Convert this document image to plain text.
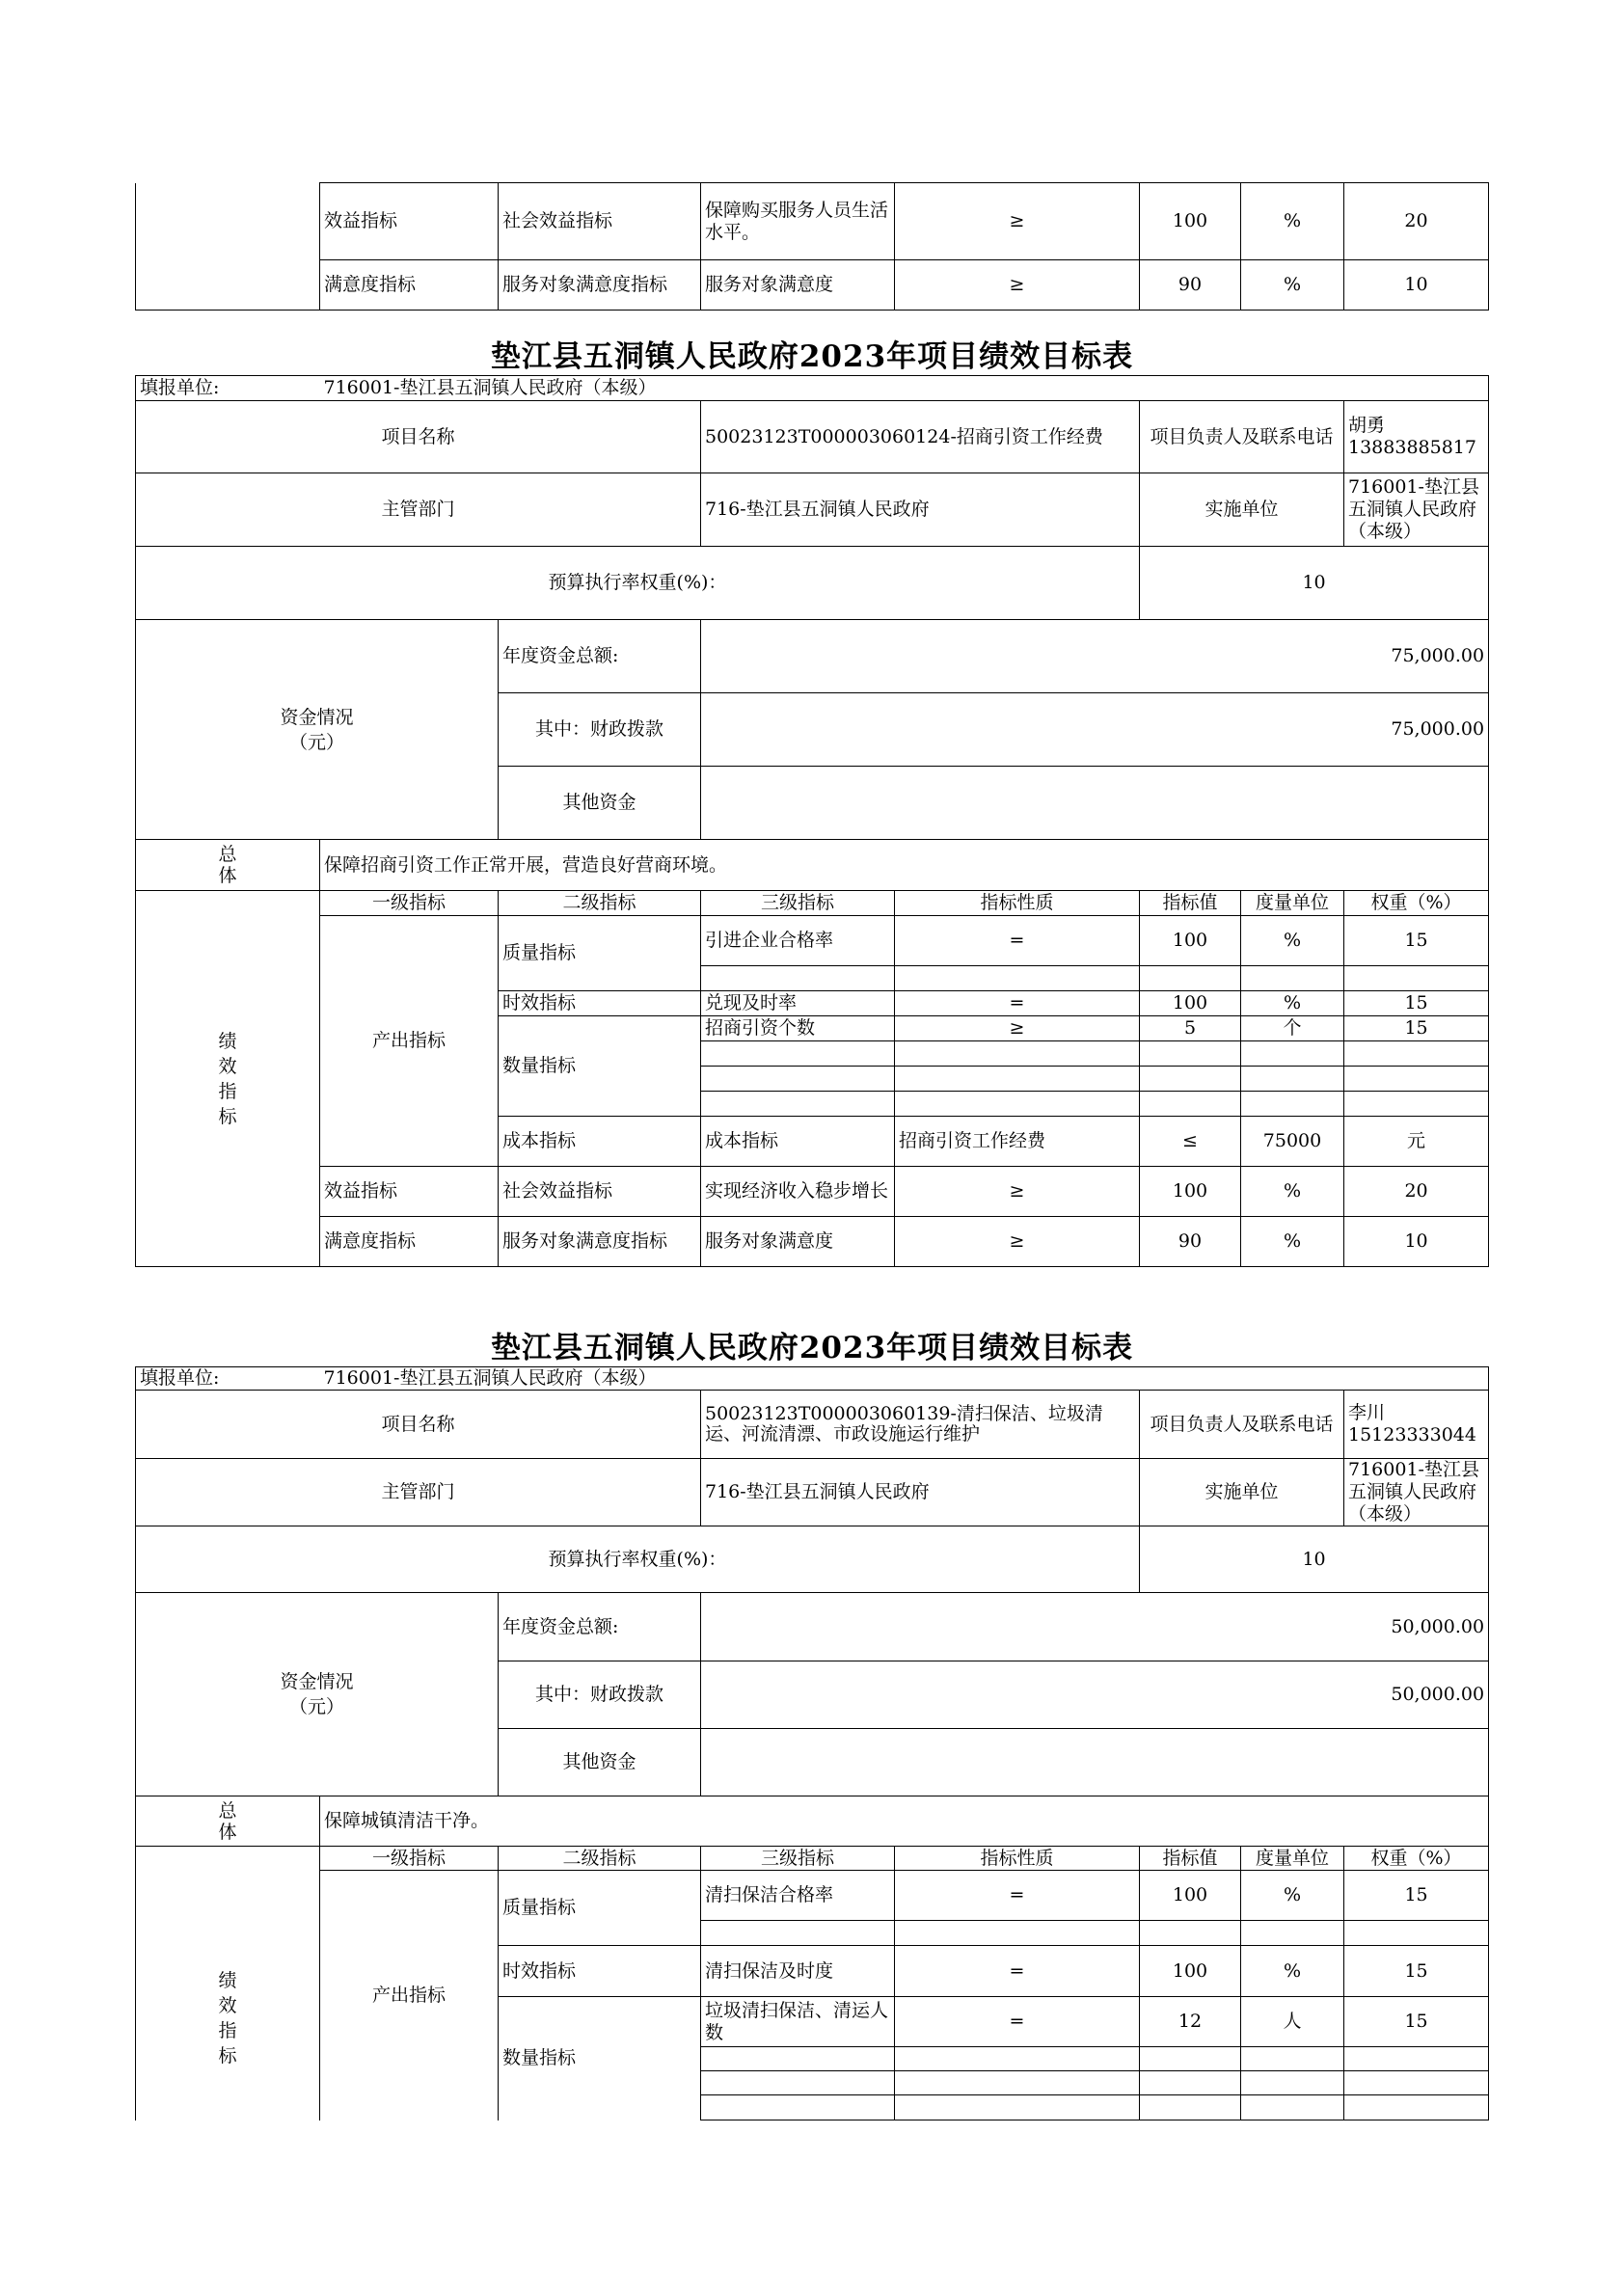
	效益指标	社会效益指标	保障购买服务人员生活水平。	≥	100	%	20
	满意度指标	服务对象满意度指标	服务对象满意度	≥	90	%	10
垫江县五洞镇人民政府2023年项目绩效目标表
填报单位:	716001-垫江县五洞镇人民政府（本级）							
项目名称			50023123T000003060124-招商引资工作经费		项目负责人及联系电话		胡勇13883885817	
主管部门			716-垫江县五洞镇人民政府		实施单位		716001-垫江县五洞镇人民政府（本级）	
预算执行率权重(%)：					10			
资金情况
（元）		年度资金总额:	75,000.00					
		其中：财政拨款	75,000.00					
		其他资金						
总
体	保障招商引资工作正常开展，营造良好营商环境。							
绩
效
指
标	一级指标	二级指标	三级指标	指标性质	指标值	度量单位	权重（%）	
	产出指标	质量指标	引进企业合格率	=	100	%	15	

		时效指标	兑现及时率	=	100	%	15	
		数量指标	招商引资个数	≥	5	个	15	

		成本指标	成本指标	招商引资工作经费	≤	75000	元	
	效益指标	社会效益指标	实现经济收入稳步增长	≥	100	%	20	
	满意度指标	服务对象满意度指标	服务对象满意度	≥	90	%	10	
垫江县五洞镇人民政府2023年项目绩效目标表
填报单位:	716001-垫江县五洞镇人民政府（本级）						
项目名称			50023123T000003060139-清扫保洁、垃圾清运、河流清漂、市政设施运行维护		项目负责人及联系电话		李川15123333044
主管部门			716-垫江县五洞镇人民政府		实施单位		716001-垫江县五洞镇人民政府（本级）
预算执行率权重(%)：					10		
资金情况
（元）		年度资金总额:	50,000.00				
		其中：财政拨款	50,000.00				
		其他资金					
总
体	保障城镇清洁干净。						
绩
效
指
标	一级指标	二级指标	三级指标	指标性质	指标值	度量单位	权重（%）
	产出指标	质量指标	清扫保洁合格率	=	100	%	15

		时效指标	清扫保洁及时度	=	100	%	15
		数量指标	垃圾清扫保洁、清运人数	=	12	人	15
